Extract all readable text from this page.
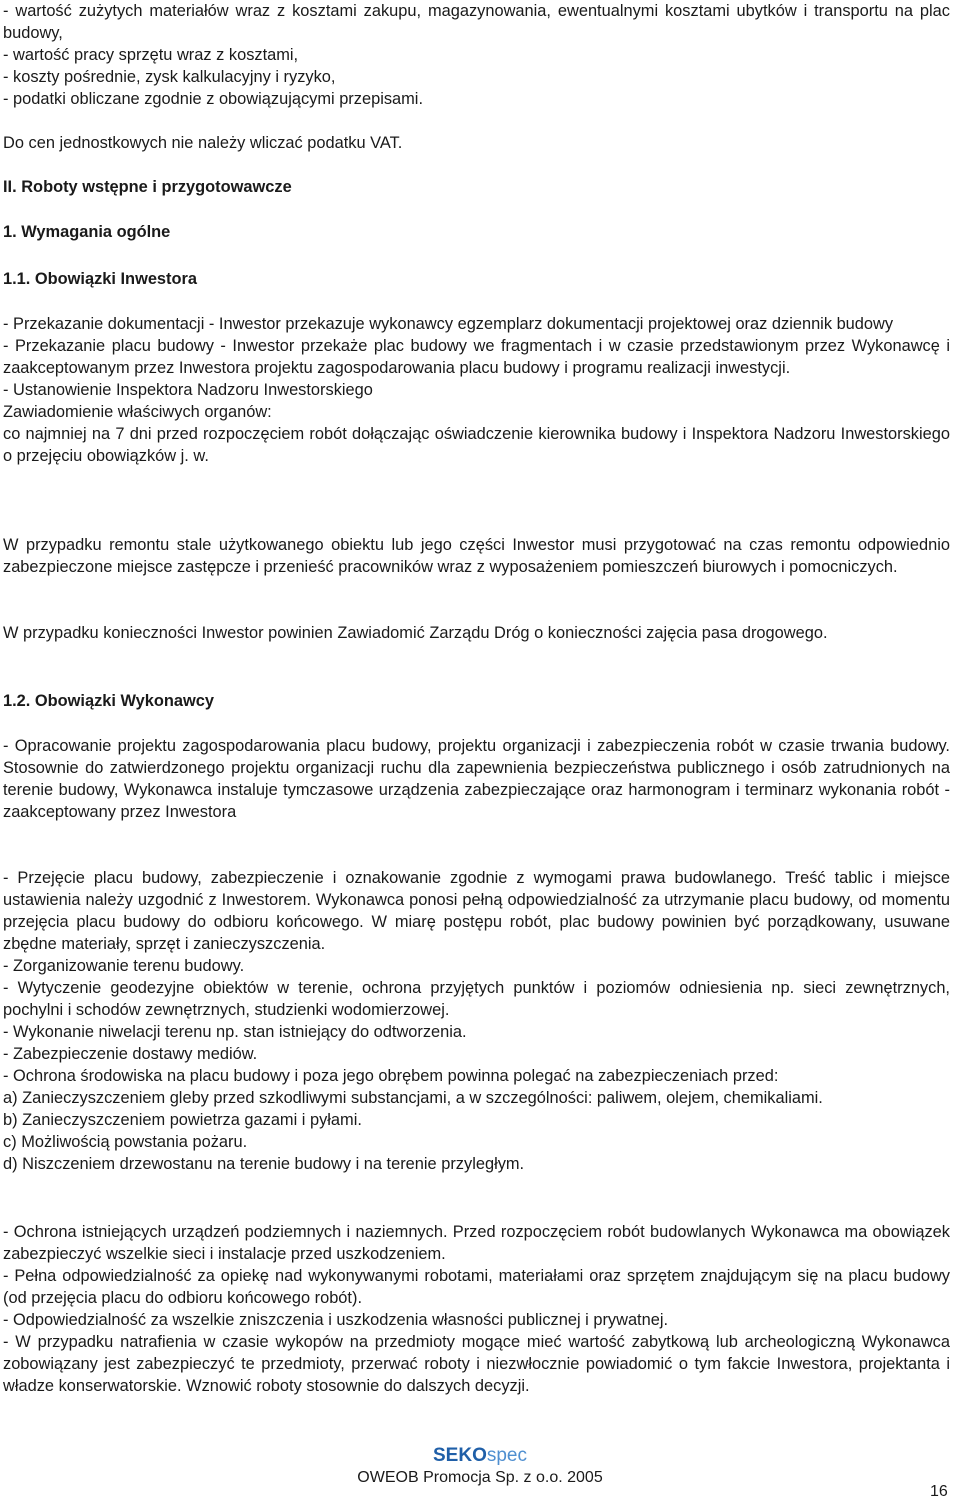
- wartość zużytych materiałów wraz z kosztami zakupu, magazynowania, ewentualnymi kosztami ubytków i transportu na plac budowy,

- wartość pracy sprzętu wraz z kosztami,

- koszty pośrednie, zysk kalkulacyjny i ryzyko,

- podatki obliczane zgodnie z obowiązującymi przepisami.

Do cen jednostkowych nie należy wliczać podatku VAT.

II. Roboty wstępne i przygotowawcze

1. Wymagania ogólne

1.1. Obowiązki Inwestora

- Przekazanie dokumentacji - Inwestor przekazuje wykonawcy egzemplarz dokumentacji projektowej oraz dziennik budowy

- Przekazanie placu budowy - Inwestor przekaże plac budowy we fragmentach i w czasie przedstawionym przez Wykonawcę i zaakceptowanym przez Inwestora projektu zagospodarowania placu budowy i programu realizacji inwestycji.

- Ustanowienie Inspektora Nadzoru Inwestorskiego

Zawiadomienie właściwych organów:

co najmniej na 7 dni przed rozpoczęciem robót dołączając oświadczenie kierownika budowy i Inspektora Nadzoru Inwestorskiego o przejęciu obowiązków j. w.

W przypadku remontu stale użytkowanego obiektu lub jego części Inwestor musi przygotować na czas remontu odpowiednio zabezpieczone miejsce zastępcze i przenieść pracowników wraz z wyposażeniem pomieszczeń biurowych i pomocniczych.

W przypadku konieczności Inwestor powinien Zawiadomić Zarządu Dróg o konieczności zajęcia pasa drogowego.

1.2. Obowiązki Wykonawcy

- Opracowanie projektu zagospodarowania placu budowy, projektu organizacji i zabezpieczenia robót w czasie trwania budowy. Stosownie do zatwierdzonego projektu organizacji ruchu dla zapewnienia bezpieczeństwa publicznego i osób zatrudnionych na terenie budowy, Wykonawca instaluje tymczasowe urządzenia zabezpieczające oraz harmonogram i terminarz wykonania robót - zaakceptowany przez Inwestora

- Przejęcie placu budowy, zabezpieczenie i oznakowanie zgodnie z wymogami prawa budowlanego. Treść tablic i miejsce ustawienia należy uzgodnić z Inwestorem. Wykonawca ponosi pełną odpowiedzialność za utrzymanie placu budowy, od momentu przejęcia placu budowy do odbioru końcowego. W miarę postępu robót, plac budowy powinien być porządkowany, usuwane zbędne materiały, sprzęt i zanieczyszczenia.

- Zorganizowanie terenu budowy.

- Wytyczenie geodezyjne obiektów w terenie, ochrona przyjętych punktów i poziomów odniesienia np. sieci zewnętrznych, pochylni i schodów zewnętrznych, studzienki wodomierzowej.

- Wykonanie niwelacji terenu np. stan istniejący do odtworzenia.

- Zabezpieczenie dostawy mediów.

- Ochrona środowiska na placu budowy i poza jego obrębem powinna polegać na zabezpieczeniach przed:

a) Zanieczyszczeniem gleby przed szkodliwymi substancjami, a w szczególności: paliwem, olejem, chemikaliami.

b) Zanieczyszczeniem powietrza gazami i pyłami.

c) Możliwością powstania pożaru.

d) Niszczeniem drzewostanu na terenie budowy i na terenie przyległym.

- Ochrona istniejących urządzeń podziemnych i naziemnych. Przed rozpoczęciem robót budowlanych Wykonawca ma obowiązek zabezpieczyć wszelkie sieci i instalacje przed uszkodzeniem.

- Pełna odpowiedzialność za opiekę nad wykonywanymi robotami, materiałami oraz sprzętem znajdującym się na placu budowy (od przejęcia placu do odbioru końcowego robót).

- Odpowiedzialność za wszelkie zniszczenia i uszkodzenia własności publicznej i prywatnej.

- W przypadku natrafienia w czasie wykopów na przedmioty mogące mieć wartość zabytkową lub archeologiczną Wykonawca zobowiązany jest zabezpieczyć te przedmioty, przerwać roboty i niezwłocznie powiadomić o tym fakcie Inwestora, projektanta i władze konserwatorskie. Wznowić roboty stosownie do dalszych decyzji.

SEKOspec
OWEOB Promocja Sp. z o.o. 2005
16
